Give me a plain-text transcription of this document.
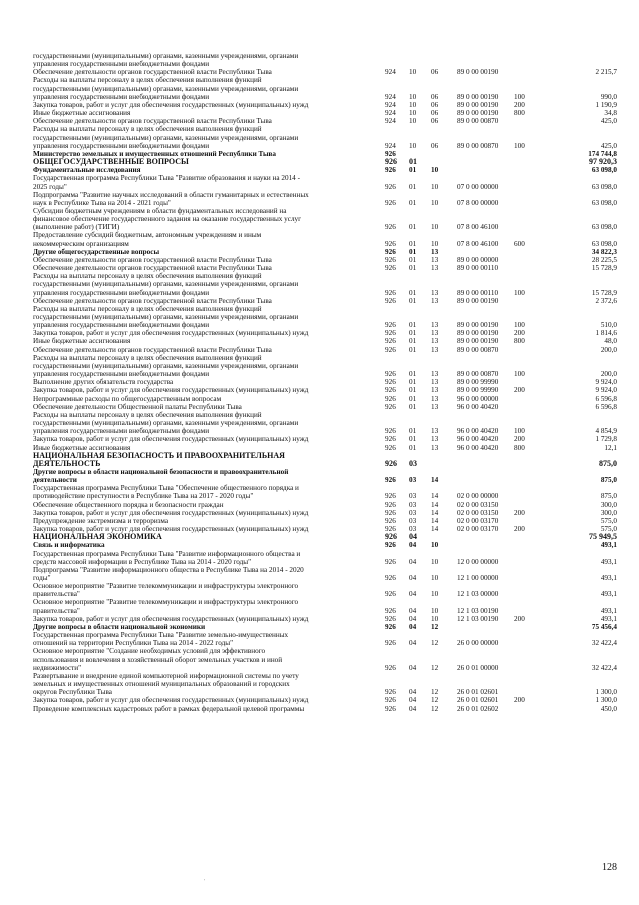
государственными (муниципальными) органами, казенными учреждениями, органами
управления государственными внебюджетными фондами
Обеспечение деятельности органов государственной власти Республики Тыва	924	10	06	89 0 00 00190	2 215,7
Расходы на выплаты персоналу в целях обеспечения выполнения функций
государственными (муниципальными) органами, казенными учреждениями, органами
управления государственными внебюджетными фондами	924	10	06	89 0 00 00190	100	990,0
Закупка товаров, работ и услуг для обеспечения государственных (муниципальных) нужд	924	10	06	89 0 00 00190	200	1 190,9
Иные бюджетные ассигнования	924	10	06	89 0 00 00190	800	34,8
Обеспечение деятельности органов государственной власти Республики Тыва	924	10	06	89 0 00 00870	425,0
Расходы на выплаты персоналу в целях обеспечения выполнения функций
государственными (муниципальными) органами, казенными учреждениями, органами
управления государственными внебюджетными фондами	924	10	06	89 0 00 00870	100	425,0
Министерство земельных и имущественных отношений Республики Тыва	926	174 744,8
ОБЩЕГОСУДАРСТВЕННЫЕ ВОПРОСЫ	926	01	97 920,3
Фундаментальные исследования	926	01	10	63 098,0
Государственная программа Республики Тыва "Развитие образования и науки на 2014 -
2025 годы"	926	01	10	07 0 00 00000	63 098,0
Подпрограмма "Развитие научных исследований в области гуманитарных и естественных
наук в Республике Тыва на 2014 - 2021 годы"	926	01	10	07 8 00 00000	63 098,0
Субсидии бюджетным учреждениям в области фундаментальных исследований на
финансовое обеспечение государственного задания на оказание государственных услуг
(выполнение работ) (ТИГИ)	926	01	10	07 8 00 46100	63 098,0
Предоставление субсидий бюджетным, автономным учреждениям и иным
некоммерческим организациям	926	01	10	07 8 00 46100	600	63 098,0
Другие общегосударственные вопросы	926	01	13	34 822,3
Обеспечение деятельности органов государственной власти Республики Тыва	926	01	13	89 0 00 00000	28 225,5
Обеспечение деятельности органов государственной власти Республики Тыва	926	01	13	89 0 00 00110	15 728,9
Расходы на выплаты персоналу в целях обеспечения выполнения функций
государственными (муниципальными) органами, казенными учреждениями, органами
управления государственными внебюджетными фондами	926	01	13	89 0 00 00110	100	15 728,9
Обеспечение деятельности органов государственной власти Республики Тыва	926	01	13	89 0 00 00190	2 372,6
Расходы на выплаты персоналу в целях обеспечения выполнения функций
государственными (муниципальными) органами, казенными учреждениями, органами
управления государственными внебюджетными фондами	926	01	13	89 0 00 00190	100	510,0
Закупка товаров, работ и услуг для обеспечения государственных (муниципальных) нужд	926	01	13	89 0 00 00190	200	1 814,6
Иные бюджетные ассигнования	926	01	13	89 0 00 00190	800	48,0
Обеспечение деятельности органов государственной власти Республики Тыва	926	01	13	89 0 00 00870	200,0
Расходы на выплаты персоналу в целях обеспечения выполнения функций
государственными (муниципальными) органами, казенными учреждениями, органами
управления государственными внебюджетными фондами	926	01	13	89 0 00 00870	100	200,0
Выполнение других обязательств государства	926	01	13	89 0 00 99990	9 924,0
Закупка товаров, работ и услуг для обеспечения государственных (муниципальных) нужд	926	01	13	89 0 00 99990	200	9 924,0
Непрограммные расходы по общегосударственным вопросам	926	01	13	96 0 00 00000	6 596,8
Обеспечение деятельности Общественной палаты Республики Тыва	926	01	13	96 0 00 40420	6 596,8
Расходы на выплаты персоналу в целях обеспечения выполнения функций
государственными (муниципальными) органами, казенными учреждениями, органами
управления государственными внебюджетными фондами	926	01	13	96 0 00 40420	100	4 854,9
Закупка товаров, работ и услуг для обеспечения государственных (муниципальных) нужд	926	01	13	96 0 00 40420	200	1 729,8
Иные бюджетные ассигнования	926	01	13	96 0 00 40420	800	12,1
НАЦИОНАЛЬНАЯ БЕЗОПАСНОСТЬ И ПРАВООХРАНИТЕЛЬНАЯ
ДЕЯТЕЛЬНОСТЬ	926	03	875,0
Другие вопросы в области национальной безопасности и правоохранительной
деятельности	926	03	14	875,0
Государственная программа Республики Тыва "Обеспечение общественного порядка и
противодействие преступности в Республике Тыва на 2017 - 2020 годы"	926	03	14	02 0 00 00000	875,0
Обеспечение общественного порядка и безопасности граждан	926	03	14	02 0 00 03150	300,0
Закупка товаров, работ и услуг для обеспечения государственных (муниципальных) нужд	926	03	14	02 0 00 03150	200	300,0
Предупреждение экстремизма и терроризма	926	03	14	02 0 00 03170	575,0
Закупка товаров, работ и услуг для обеспечения государственных (муниципальных) нужд	926	03	14	02 0 00 03170	200	575,0
НАЦИОНАЛЬНАЯ ЭКОНОМИКА	926	04	75 949,5
Связь и информатика	926	04	10	493,1
Государственная программа Республики Тыва "Развитие информационного общества и
средств массовой информации в Республике Тыва на 2014 - 2020 годы"	926	04	10	12 0 00 00000	493,1
Подпрограмма "Развитие информационного общества в Республике Тыва на 2014 - 2020
годы"	926	04	10	12 1 00 00000	493,1
Основное мероприятие "Развитие телекоммуникации и инфраструктуры электронного
правительства"	926	04	10	12 1 03 00000	493,1
Основное мероприятие "Развитие телекоммуникации и инфраструктуры электронного
правительства"	926	04	10	12 1 03 00190	493,1
Закупка товаров, работ и услуг для обеспечения государственных (муниципальных) нужд	926	04	10	12 1 03 00190	200	493,1
Другие вопросы в области национальной экономики	926	04	12	75 456,4
Государственная программа Республики Тыва "Развитие земельно-имущественных
отношений на территории Республики Тыва на 2014 - 2022 годы"	926	04	12	26 0 00 00000	32 422,4
Основное мероприятие "Создание необходимых условий для эффективного
использования и вовлечения в хозяйственный оборот земельных участков и иной
недвижимости"	926	04	12	26 0 01 00000	32 422,4
Развертывание и внедрение единой компьютерной информационной системы по учету
земельных и имущественных отношений муниципальных образований и городских
округов Республики Тыва	926	04	12	26 0 01 02601	1 300,0
Закупка товаров, работ и услуг для обеспечения государственных (муниципальных) нужд	926	04	12	26 0 01 02601	200	1 300,0
Проведение комплексных кадастровых работ в рамках федеральной целевой программы	926	04	12	26 0 01 02602	450,0
128
'
